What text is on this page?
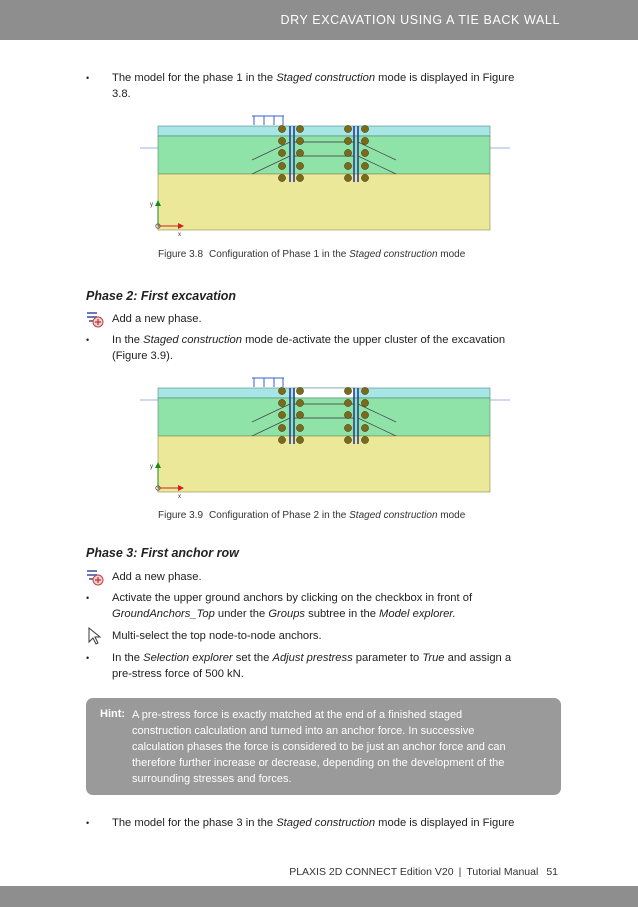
DRY EXCAVATION USING A TIE BACK WALL
• The model for the phase 1 in the Staged construction mode is displayed in Figure
3.8.
y
x
Figure 3.8 Configuration of Phase 1 in the Staged construction mode
Phase 2: First excavation
Add a new phase.
• In the Staged construction mode de-activate the upper cluster of the excavation
(Figure 3.9).
y
x
Figure 3.9 Configuration of Phase 2 in the Staged construction mode
Phase 3: First anchor row
Add a new phase.
• Activate the upper ground anchors by clicking on the checkbox in front of
GroundAnchors_Top under the Groups subtree in the Model explorer.
Multi-select the top node-to-node anchors.
• In the Selection explorer set the Adjust prestress parameter to True and assign a
pre-stress force of 500 kN.
Hint: A pre-stress force is exactly matched at the end of a finished staged
construction calculation and turned into an anchor force. In successive
calculation phases the force is considered to be just an anchor force and can
therefore further increase or decrease, depending on the development of the
surrounding stresses and forces.
• The model for the phase 3 in the Staged construction mode is displayed in Figure
PLAXIS 2D CONNECT Edition V20 | Tutorial Manual 51
